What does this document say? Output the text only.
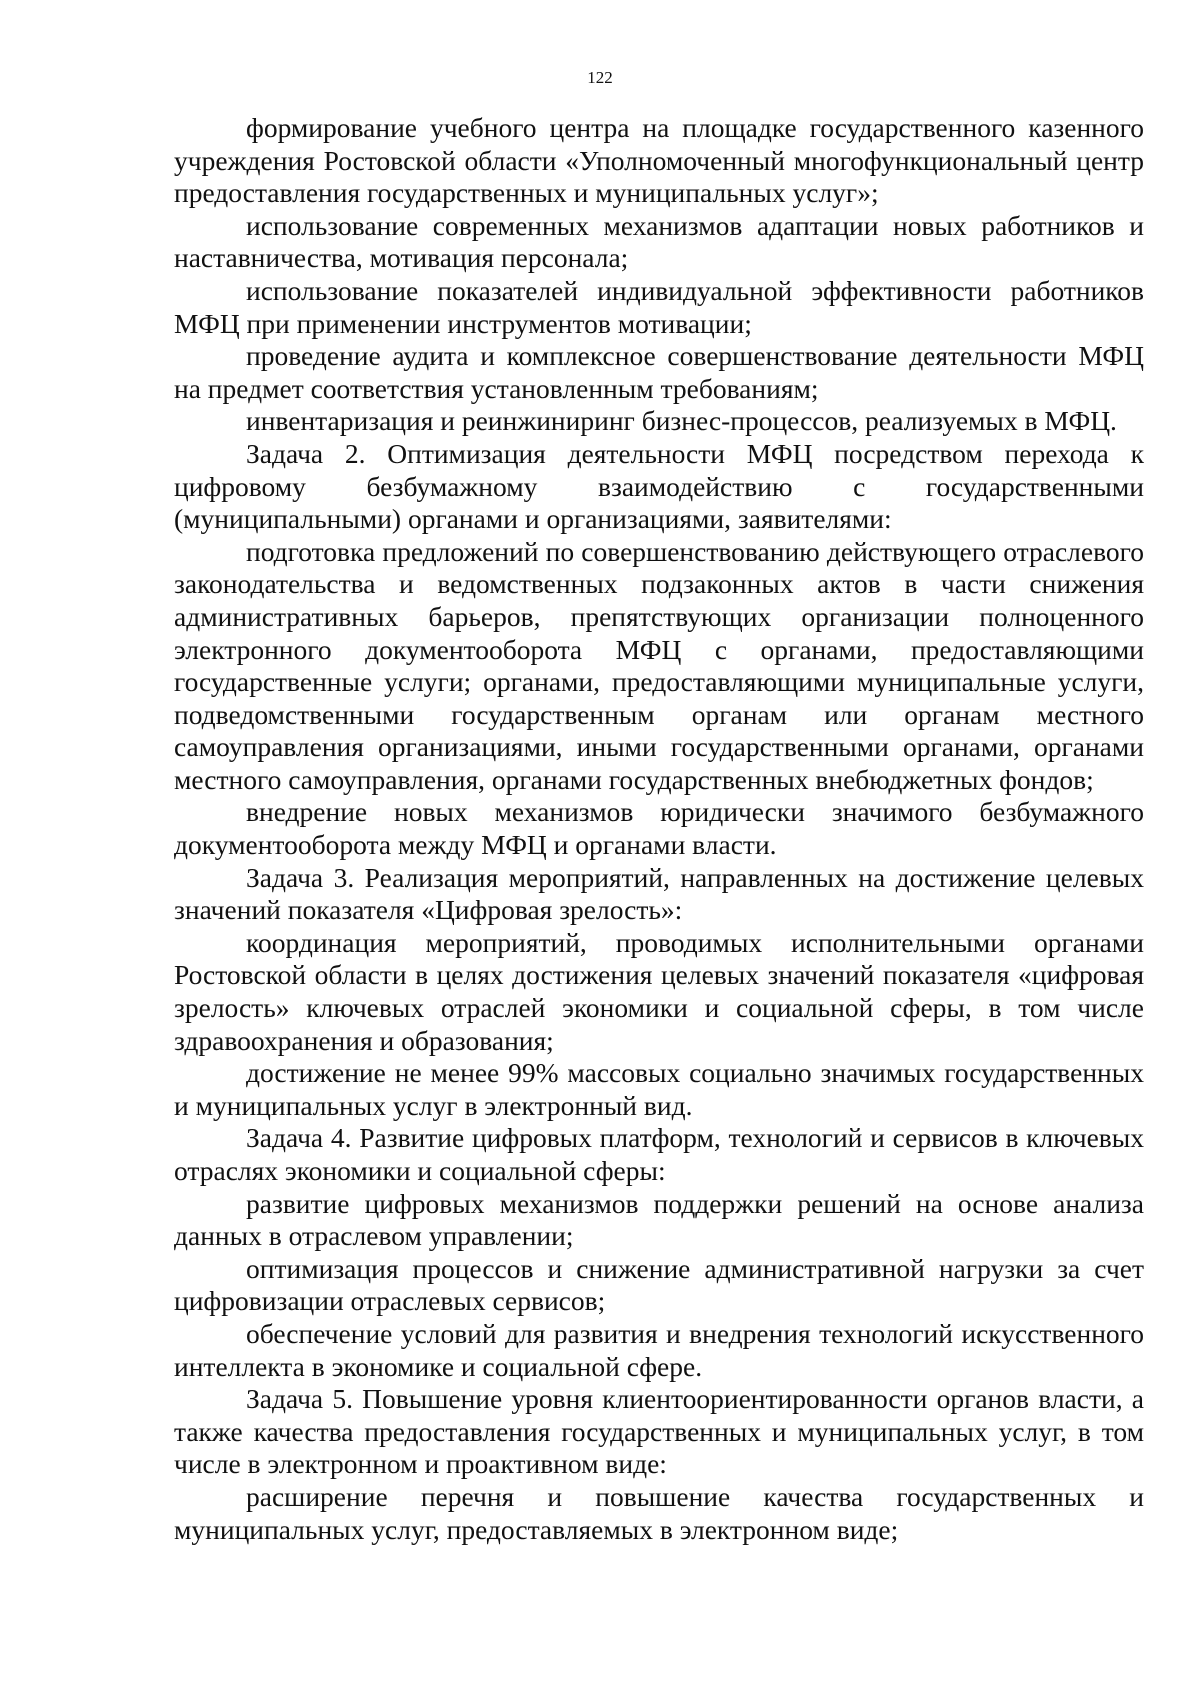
122

формирование учебного центра на площадке государственного казенного учреждения Ростовской области «Уполномоченный многофункциональный центр предоставления государственных и муниципальных услуг»;

использование современных механизмов адаптации новых работников и наставничества, мотивация персонала;

использование показателей индивидуальной эффективности работников МФЦ при применении инструментов мотивации;

проведение аудита и комплексное совершенствование деятельности МФЦ на предмет соответствия установленным требованиям;

инвентаризация и реинжиниринг бизнес-процессов, реализуемых в МФЦ.

Задача 2. Оптимизация деятельности МФЦ посредством перехода к цифровому безбумажному взаимодействию с государственными (муниципальными) органами и организациями, заявителями:

подготовка предложений по совершенствованию действующего отраслевого законодательства и ведомственных подзаконных актов в части снижения административных барьеров, препятствующих организации полноценного электронного документооборота МФЦ с органами, предоставляющими государственные услуги; органами, предоставляющими муниципальные услуги, подведомственными государственным органам или органам местного самоуправления организациями, иными государственными органами, органами местного самоуправления, органами государственных внебюджетных фондов;

внедрение новых механизмов юридически значимого безбумажного документооборота между МФЦ и органами власти.

Задача 3. Реализация мероприятий, направленных на достижение целевых значений показателя «Цифровая зрелость»:

координация мероприятий, проводимых исполнительными органами Ростовской области в целях достижения целевых значений показателя «цифровая зрелость» ключевых отраслей экономики и социальной сферы, в том числе здравоохранения и образования;

достижение не менее 99% массовых социально значимых государственных и муниципальных услуг в электронный вид.

Задача 4. Развитие цифровых платформ, технологий и сервисов в ключевых отраслях экономики и социальной сферы:

развитие цифровых механизмов поддержки решений на основе анализа данных в отраслевом управлении;

оптимизация процессов и снижение административной нагрузки за счет цифровизации отраслевых сервисов;

обеспечение условий для развития и внедрения технологий искусственного интеллекта в экономике и социальной сфере.

Задача 5. Повышение уровня клиентоориентированности органов власти, а также качества предоставления государственных и муниципальных услуг, в том числе в электронном и проактивном виде:

расширение перечня и повышение качества государственных и муниципальных услуг, предоставляемых в электронном виде;
